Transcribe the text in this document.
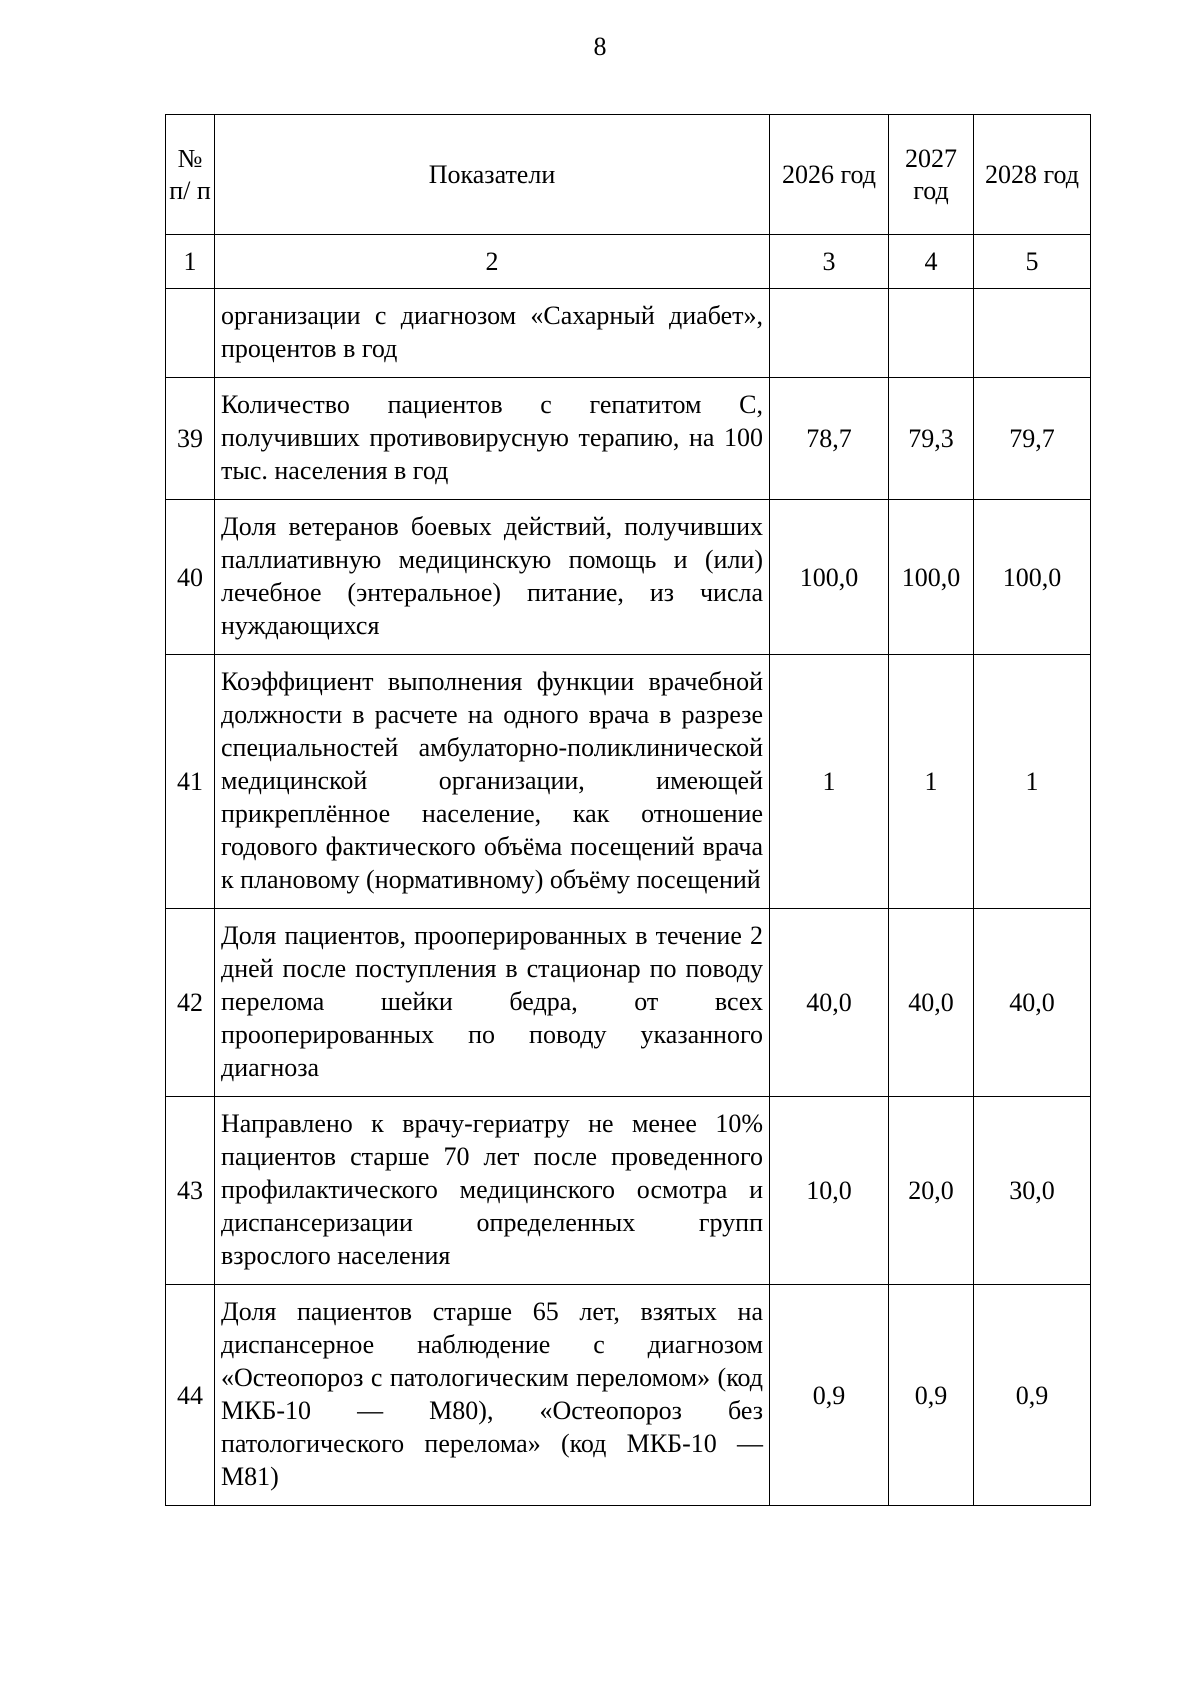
8
№ п/ п	Показатели	2026 год	2027 год	2028 год
1	2	3	4	5
	организации с диагнозом «Сахарный диабет», процентов в год			
39	Количество пациентов с гепатитом С, получивших противовирусную терапию, на 100 тыс. населения в год	78,7	79,3	79,7
40	Доля ветеранов боевых действий, получивших паллиативную медицинскую помощь и (или) лечебное (энтеральное) питание, из числа нуждающихся	100,0	100,0	100,0
41	Коэффициент выполнения функции врачебной должности в расчете на одного врача в разрезе специальностей амбулаторно-поликлинической медицинской организации, имеющей прикреплённое население, как отношение годового фактического объёма посещений врача к плановому (нормативному) объёму посещений	1	1	1
42	Доля пациентов, прооперированных в течение 2 дней после поступления в стационар по поводу перелома шейки бедра, от всех прооперированных по поводу указанного диагноза	40,0	40,0	40,0
43	Направлено к врачу-гериатру не менее 10% пациентов старше 70 лет после проведенного профилактического медицинского осмотра и диспансеризации определенных групп взрослого населения	10,0	20,0	30,0
44	Доля пациентов старше 65 лет, взятых на диспансерное наблюдение с диагнозом «Остеопороз с патологическим переломом» (код МКБ-10 — M80), «Остеопороз без патологического перелома» (код МКБ-10 — M81)	0,9	0,9	0,9
